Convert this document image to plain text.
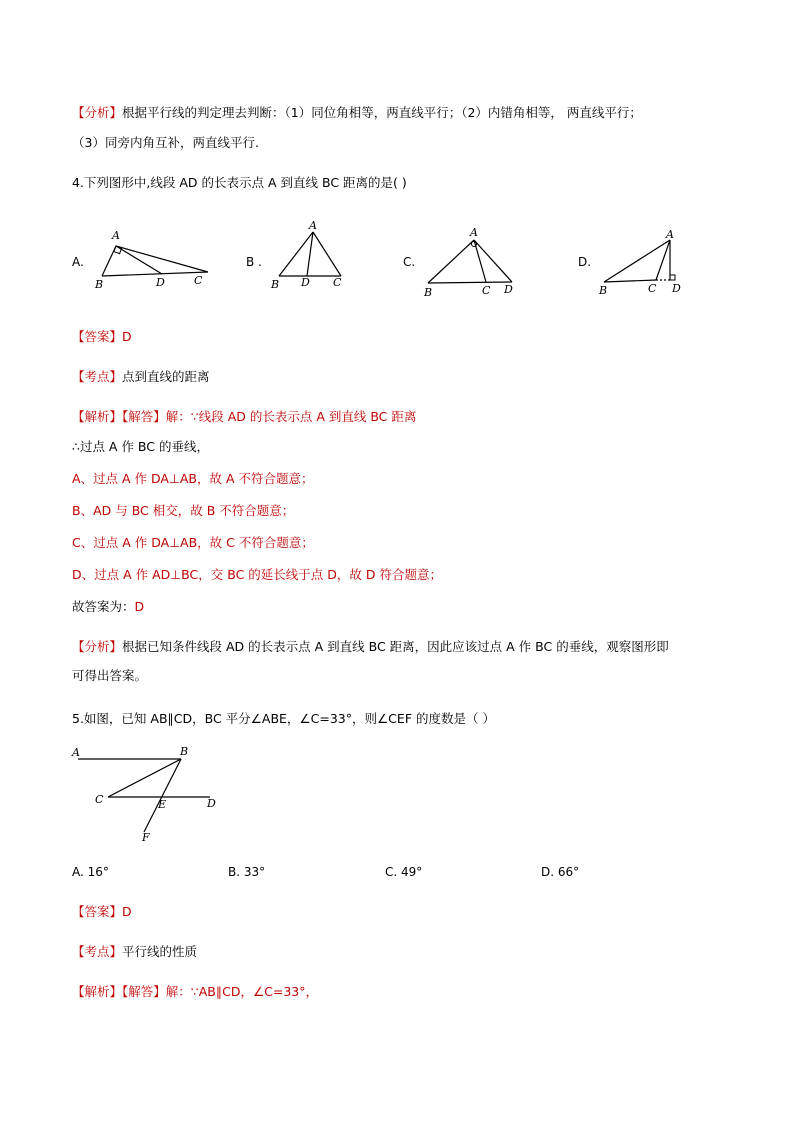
【分析】根据平行线的判定理去判断：（1）同位角相等，两直线平行；（2）内错角相等， 两直线平行；
（3）同旁内角互补，两直线平行.
4.下列图形中,线段 AD 的长表示点 A 到直线 BC 距离的是( )
A.
A
B	D	C
B .
A
B D C
C.
A
B	C D
D.
A
B	C D
【答案】D
【考点】点到直线的距离
【解析】【解答】解：∵线段 AD 的长表示点 A 到直线 BC 距离
∴过点 A 作 BC 的垂线，
A、过点 A 作 DA⊥AB，故 A 不符合题意；
B、AD 与 BC 相交，故 B 不符合题意；
C、过点 A 作 DA⊥AB，故 C 不符合题意；
D、过点 A 作 AD⊥BC，交 BC 的延长线于点 D，故 D 符合题意；
故答案为：D
【分析】根据已知条件线段 AD 的长表示点 A 到直线 BC 距离，因此应该过点 A 作 BC 的垂线，观察图形即
可得出答案。
5.如图，已知 AB∥CD，BC 平分∠ABE，∠C=33°，则∠CEF 的度数是（ ）
A	B
C	E	D
F
A. 16°	B. 33°	C. 49°	D. 66°
【答案】D
【考点】平行线的性质
【解析】【解答】解：∵AB∥CD，∠C=33°，
